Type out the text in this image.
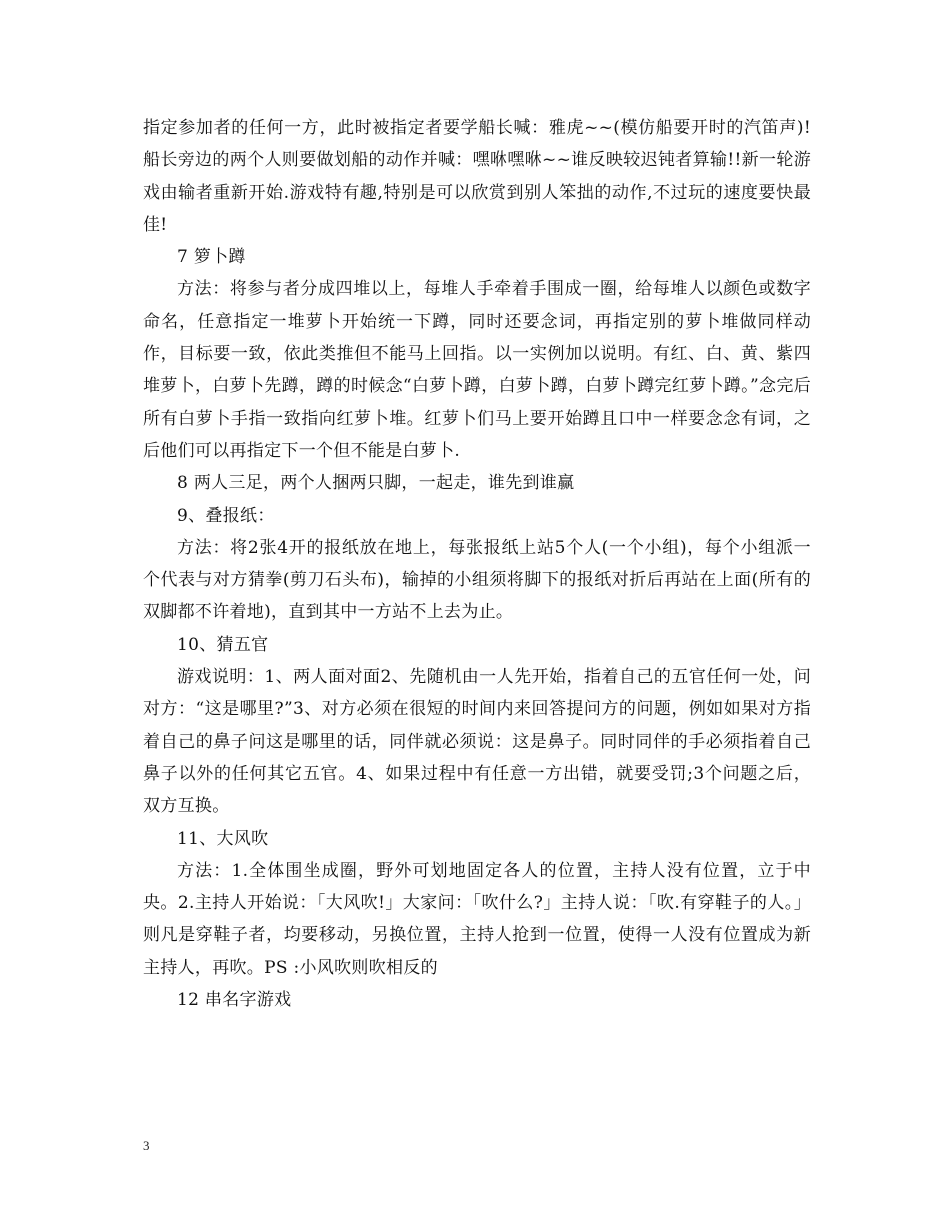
指定参加者的任何一方，此时被指定者要学船长喊：雅虎~~(模仿船要开时的汽笛声)!船长旁边的两个人则要做划船的动作并喊：嘿咻嘿咻~~谁反映较迟钝者算输!!新一轮游戏由输者重新开始.游戏特有趣,特别是可以欣赏到别人笨拙的动作,不过玩的速度要快最佳!

7 箩卜蹲

方法：将参与者分成四堆以上，每堆人手牵着手围成一圈，给每堆人以颜色或数字命名，任意指定一堆萝卜开始统一下蹲，同时还要念词，再指定别的萝卜堆做同样动作，目标要一致，依此类推但不能马上回指。以一实例加以说明。有红、白、黄、紫四堆萝卜，白萝卜先蹲，蹲的时候念“白萝卜蹲，白萝卜蹲，白萝卜蹲完红萝卜蹲。”念完后所有白萝卜手指一致指向红萝卜堆。红萝卜们马上要开始蹲且口中一样要念念有词，之后他们可以再指定下一个但不能是白萝卜.

8 两人三足，两个人捆两只脚，一起走，谁先到谁赢

9、叠报纸：

方法：将2张4开的报纸放在地上，每张报纸上站5个人(一个小组)，每个小组派一个代表与对方猜拳(剪刀石头布)，输掉的小组须将脚下的报纸对折后再站在上面(所有的双脚都不许着地)，直到其中一方站不上去为止。

10、猜五官

游戏说明：1、两人面对面2、先随机由一人先开始，指着自己的五官任何一处，问对方：“这是哪里?”3、对方必须在很短的时间内来回答提问方的问题，例如如果对方指着自己的鼻子问这是哪里的话，同伴就必须说：这是鼻子。同时同伴的手必须指着自己鼻子以外的任何其它五官。4、如果过程中有任意一方出错，就要受罚;3个问题之后，双方互换。

11、大风吹

方法：1.全体围坐成圈，野外可划地固定各人的位置，主持人没有位置，立于中央。2.主持人开始说：「大风吹!」大家问：「吹什么?」主持人说：「吹.有穿鞋子的人。」则凡是穿鞋子者，均要移动，另换位置，主持人抢到一位置，使得一人没有位置成为新主持人，再吹。PS :小风吹则吹相反的

12 串名字游戏

3
